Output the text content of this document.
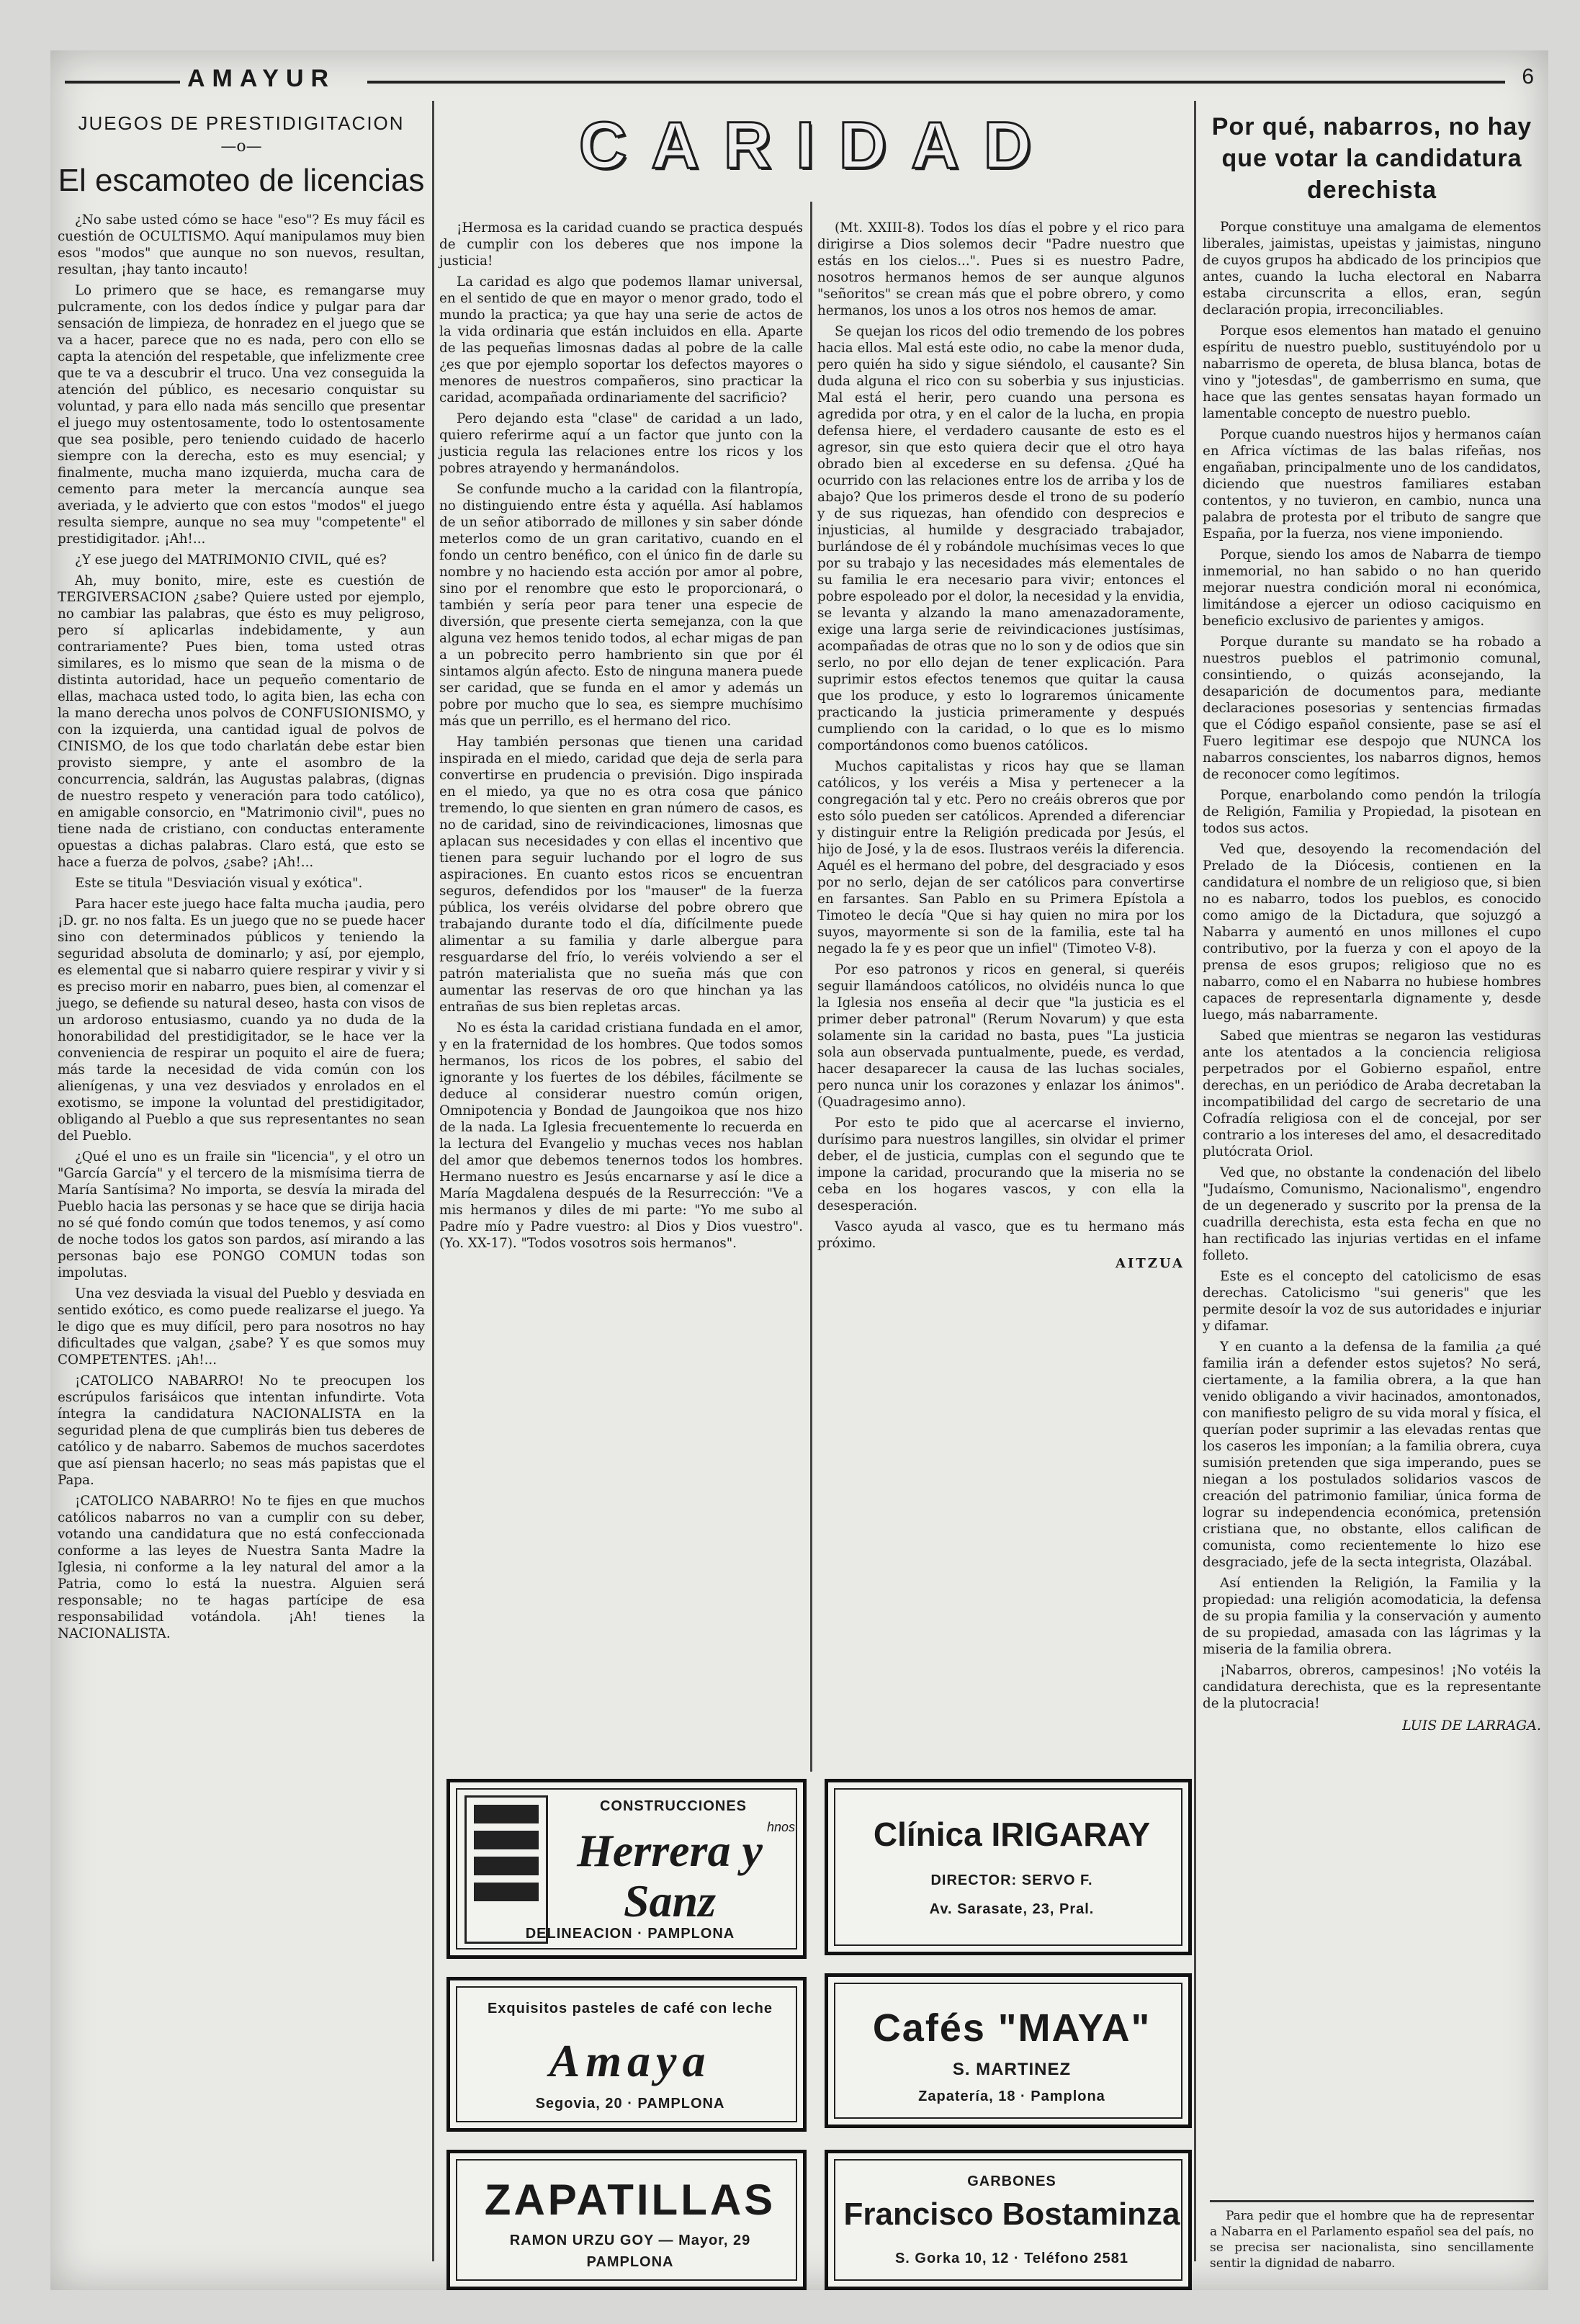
AMAYUR	6
JUEGOS DE PRESTIDIGITACION
—o—
El escamoteo de licencias

¿No sabe usted cómo se hace "eso"? Es muy fácil es cuestión de OCULTISMO. Aquí manipulamos muy bien esos "modos" que aunque no son nuevos, resultan, resultan, ¡hay tanto incauto!

Lo primero que se hace, es remangarse muy pulcramente, con los dedos índice y pulgar para dar sensación de limpieza, de honradez en el juego que se va a hacer, parece que no es nada, pero con ello se capta la atención del respetable, que infelizmente cree que te va a descubrir el truco. Una vez conseguida la atención del público, es necesario conquistar su voluntad, y para ello nada más sencillo que presentar el juego muy ostentosamente, todo lo ostentosamente que sea posible, pero teniendo cuidado de hacerlo siempre con la derecha, esto es muy esencial; y finalmente, mucha mano izquierda, mucha cara de cemento para meter la mercancía aunque sea averiada, y le advierto que con estos "modos" el juego resulta siempre, aunque no sea muy "competente" el prestidigitador. ¡Ah!...

¿Y ese juego del MATRIMONIO CIVIL, qué es?

Ah, muy bonito, mire, este es cuestión de TERGIVERSACION ¿sabe? Quiere usted por ejemplo, no cambiar las palabras, que ésto es muy peligroso, pero sí aplicarlas indebidamente, y aun contrariamente? Pues bien, toma usted otras similares, es lo mismo que sean de la misma o de distinta autoridad, hace un pequeño comentario de ellas, machaca usted todo, lo agita bien, las echa con la mano derecha unos polvos de CONFUSIONISMO, y con la izquierda, una cantidad igual de polvos de CINISMO, de los que todo charlatán debe estar bien provisto siempre, y ante el asombro de la concurrencia, saldrán, las Augustas palabras, (dignas de nuestro respeto y veneración para todo católico), en amigable consorcio, en "Matrimonio civil", pues no tiene nada de cristiano, con conductas enteramente opuestas a dichas palabras. Claro está, que esto se hace a fuerza de polvos, ¿sabe? ¡Ah!...

Este se titula "Desviación visual y exótica".

Para hacer este juego hace falta mucha ¡audia, pero ¡D. gr. no nos falta. Es un juego que no se puede hacer sino con determinados públicos y teniendo la seguridad absoluta de dominarlo; y así, por ejemplo, es elemental que si nabarro quiere respirar y vivir y si es preciso morir en nabarro, pues bien, al comenzar el juego, se defiende su natural deseo, hasta con visos de un ardoroso entusiasmo, cuando ya no duda de la honorabilidad del prestidigitador, se le hace ver la conveniencia de respirar un poquito el aire de fuera; más tarde la necesidad de vida común con los alienígenas, y una vez desviados y enrolados en el exotismo, se impone la voluntad del prestidigitador, obligando al Pueblo a que sus representantes no sean del Pueblo.

¿Qué el uno es un fraile sin "licencia", y el otro un "García García" y el tercero de la mismísima tierra de María Santísima? No importa, se desvía la mirada del Pueblo hacia las personas y se hace que se dirija hacia no sé qué fondo común que todos tenemos, y así como de noche todos los gatos son pardos, así mirando a las personas bajo ese PONGO COMUN todas son impolutas.

Una vez desviada la visual del Pueblo y desviada en sentido exótico, es como puede realizarse el juego. Ya le digo que es muy difícil, pero para nosotros no hay dificultades que valgan, ¿sabe? Y es que somos muy COMPETENTES. ¡Ah!...

¡CATOLICO NABARRO! No te preocupen los escrúpulos farisáicos que intentan infundirte. Vota íntegra la candidatura NACIONALISTA en la seguridad plena de que cumplirás bien tus deberes de católico y de nabarro. Sabemos de muchos sacerdotes que así piensan hacerlo; no seas más papistas que el Papa.

¡CATOLICO NABARRO! No te fijes en que muchos católicos nabarros no van a cumplir con su deber, votando una candidatura que no está confeccionada conforme a las leyes de Nuestra Santa Madre la Iglesia, ni conforme a la ley natural del amor a la Patria, como lo está la nuestra. Alguien será responsable; no te hagas partícipe de esa responsabilidad votándola. ¡Ah! tienes la NACIONALISTA.

CARIDAD

¡Hermosa es la caridad cuando se practica después de cumplir con los deberes que nos impone la justicia!

La caridad es algo que podemos llamar universal, en el sentido de que en mayor o menor grado, todo el mundo la practica; ya que hay una serie de actos de la vida ordinaria que están incluidos en ella. Aparte de las pequeñas limosnas dadas al pobre de la calle ¿es que por ejemplo soportar los defectos mayores o menores de nuestros compañeros, sino practicar la caridad, acompañada ordinariamente del sacrificio?

Pero dejando esta "clase" de caridad a un lado, quiero referirme aquí a un factor que junto con la justicia regula las relaciones entre los ricos y los pobres atrayendo y hermanándolos.

Se confunde mucho a la caridad con la filantropía, no distinguiendo entre ésta y aquélla. Así hablamos de un señor atiborrado de millones y sin saber dónde meterlos como de un gran caritativo, cuando en el fondo un centro benéfico, con el único fin de darle su nombre y no haciendo esta acción por amor al pobre, sino por el renombre que esto le proporcionará, o también y sería peor para tener una especie de diversión, que presente cierta semejanza, con la que alguna vez hemos tenido todos, al echar migas de pan a un pobrecito perro hambriento sin que por él sintamos algún afecto. Esto de ninguna manera puede ser caridad, que se funda en el amor y además un pobre por mucho que lo sea, es siempre muchísimo más que un perrillo, es el hermano del rico.

Hay también personas que tienen una caridad inspirada en el miedo, caridad que deja de serla para convertirse en prudencia o previsión. Digo inspirada en el miedo, ya que no es otra cosa que pánico tremendo, lo que sienten en gran número de casos, es no de caridad, sino de reivindicaciones, limosnas que aplacan sus necesidades y con ellas el incentivo que tienen para seguir luchando por el logro de sus aspiraciones. En cuanto estos ricos se encuentran seguros, defendidos por los "mauser" de la fuerza pública, los veréis olvidarse del pobre obrero que trabajando durante todo el día, difícilmente puede alimentar a su familia y darle albergue para resguardarse del frío, lo veréis volviendo a ser el patrón materialista que no sueña más que con aumentar las reservas de oro que hinchan ya las entrañas de sus bien repletas arcas.

No es ésta la caridad cristiana fundada en el amor, y en la fraternidad de los hombres. Que todos somos hermanos, los ricos de los pobres, el sabio del ignorante y los fuertes de los débiles, fácilmente se deduce al considerar nuestro común origen, Omnipotencia y Bondad de Jaungoikoa que nos hizo de la nada. La Iglesia frecuentemente lo recuerda en la lectura del Evangelio y muchas veces nos hablan del amor que debemos tenernos todos los hombres. Hermano nuestro es Jesús encarnarse y así le dice a María Magdalena después de la Resurrección: "Ve a mis hermanos y diles de mi parte: "Yo me subo al Padre mío y Padre vuestro: al Dios y Dios vuestro". (Yo. XX-17). "Todos vosotros sois hermanos".

(Mt. XXIII-8). Todos los días el pobre y el rico para dirigirse a Dios solemos decir "Padre nuestro que estás en los cielos...". Pues si es nuestro Padre, nosotros hermanos hemos de ser aunque algunos "señoritos" se crean más que el pobre obrero, y como hermanos, los unos a los otros nos hemos de amar.

Se quejan los ricos del odio tremendo de los pobres hacia ellos. Mal está este odio, no cabe la menor duda, pero quién ha sido y sigue siéndolo, el causante? Sin duda alguna el rico con su soberbia y sus injusticias. Mal está el herir, pero cuando una persona es agredida por otra, y en el calor de la lucha, en propia defensa hiere, el verdadero causante de esto es el agresor, sin que esto quiera decir que el otro haya obrado bien al excederse en su defensa. ¿Qué ha ocurrido con las relaciones entre los de arriba y los de abajo? Que los primeros desde el trono de su poderío y de sus riquezas, han ofendido con desprecios e injusticias, al humilde y desgraciado trabajador, burlándose de él y robándole muchísimas veces lo que por su trabajo y las necesidades más elementales de su familia le era necesario para vivir; entonces el pobre espoleado por el dolor, la necesidad y la envidia, se levanta y alzando la mano amenazadoramente, exige una larga serie de reivindicaciones justísimas, acompañadas de otras que no lo son y de odios que sin serlo, no por ello dejan de tener explicación. Para suprimir estos efectos tenemos que quitar la causa que los produce, y esto lo lograremos únicamente practicando la justicia primeramente y después cumpliendo con la caridad, o lo que es lo mismo comportándonos como buenos católicos.

Muchos capitalistas y ricos hay que se llaman católicos, y los veréis a Misa y pertenecer a la congregación tal y etc. Pero no creáis obreros que por esto sólo pueden ser católicos. Aprended a diferenciar y distinguir entre la Religión predicada por Jesús, el hijo de José, y la de esos. Ilustraos veréis la diferencia. Aquél es el hermano del pobre, del desgraciado y esos por no serlo, dejan de ser católicos para convertirse en farsantes. San Pablo en su Primera Epístola a Timoteo le decía "Que si hay quien no mira por los suyos, mayormente si son de la familia, este tal ha negado la fe y es peor que un infiel" (Timoteo V-8).

Por eso patronos y ricos en general, si queréis seguir llamándoos católicos, no olvidéis nunca lo que la Iglesia nos enseña al decir que "la justicia es el primer deber patronal" (Rerum Novarum) y que esta solamente sin la caridad no basta, pues "La justicia sola aun observada puntualmente, puede, es verdad, hacer desaparecer la causa de las luchas sociales, pero nunca unir los corazones y enlazar los ánimos". (Quadragesimo anno).

Por esto te pido que al acercarse el invierno, durísimo para nuestros langilles, sin olvidar el primer deber, el de justicia, cumplas con el segundo que te impone la caridad, procurando que la miseria no se ceba en los hogares vascos, y con ella la desesperación.

Vasco ayuda al vasco, que es tu hermano más próximo.

AITZUA
Por qué, nabarros, no hay que votar la candidatura derechista

Porque constituye una amalgama de elementos liberales, jaimistas, upeistas y jaimistas, ninguno de cuyos grupos ha abdicado de los principios que antes, cuando la lucha electoral en Nabarra estaba circunscrita a ellos, eran, según declaración propia, irreconciliables.

Porque esos elementos han matado el genuino espíritu de nuestro pueblo, sustituyéndolo por u nabarrismo de opereta, de blusa blanca, botas de vino y "jotesdas", de gamberrismo en suma, que hace que las gentes sensatas hayan formado un lamentable concepto de nuestro pueblo.

Porque cuando nuestros hijos y hermanos caían en Africa víctimas de las balas rifeñas, nos engañaban, principalmente uno de los candidatos, diciendo que nuestros familiares estaban contentos, y no tuvieron, en cambio, nunca una palabra de protesta por el tributo de sangre que España, por la fuerza, nos viene imponiendo.

Porque, siendo los amos de Nabarra de tiempo inmemorial, no han sabido o no han querido mejorar nuestra condición moral ni económica, limitándose a ejercer un odioso caciquismo en beneficio exclusivo de parientes y amigos.

Porque durante su mandato se ha robado a nuestros pueblos el patrimonio comunal, consintiendo, o quizás aconsejando, la desaparición de documentos para, mediante declaraciones posesorias y sentencias firmadas que el Código español consiente, pase se así el Fuero legitimar ese despojo que NUNCA los nabarros conscientes, los nabarros dignos, hemos de reconocer como legítimos.

Porque, enarbolando como pendón la trilogía de Religión, Familia y Propiedad, la pisotean en todos sus actos.

Ved que, desoyendo la recomendación del Prelado de la Diócesis, contienen en la candidatura el nombre de un religioso que, si bien no es nabarro, todos los pueblos, es conocido como amigo de la Dictadura, que sojuzgó a Nabarra y aumentó en unos millones el cupo contributivo, por la fuerza y con el apoyo de la prensa de esos grupos; religioso que no es nabarro, como el en Nabarra no hubiese hombres capaces de representarla dignamente y, desde luego, más nabarramente.

Sabed que mientras se negaron las vestiduras ante los atentados a la conciencia religiosa perpetrados por el Gobierno español, entre derechas, en un periódico de Araba decretaban la incompatibilidad del cargo de secretario de una Cofradía religiosa con el de concejal, por ser contrario a los intereses del amo, el desacreditado plutócrata Oriol.

Ved que, no obstante la condenación del libelo "Judaísmo, Comunismo, Nacionalismo", engendro de un degenerado y suscrito por la prensa de la cuadrilla derechista, esta esta fecha en que no han rectificado las injurias vertidas en el infame folleto.

Este es el concepto del catolicismo de esas derechas. Catolicismo "sui generis" que les permite desoír la voz de sus autoridades e injuriar y difamar.

Y en cuanto a la defensa de la familia ¿a qué familia irán a defender estos sujetos? No será, ciertamente, a la familia obrera, a la que han venido obligando a vivir hacinados, amontonados, con manifiesto peligro de su vida moral y física, el querían poder suprimir a las elevadas rentas que los caseros les imponían; a la familia obrera, cuya sumisión pretenden que siga imperando, pues se niegan a los postulados solidarios vascos de creación del patrimonio familiar, única forma de lograr su independencia económica, pretensión cristiana que, no obstante, ellos califican de comunista, como recientemente lo hizo ese desgraciado, jefe de la secta integrista, Olazábal.

Así entienden la Religión, la Familia y la propiedad: una religión acomodaticia, la defensa de su propia familia y la conservación y aumento de su propiedad, amasada con las lágrimas y la miseria de la familia obrera.

¡Nabarros, obreros, campesinos! ¡No votéis la candidatura derechista, que es la representante de la plutocracia!

LUIS DE LARRAGA.

Para pedir que el hombre que ha de representar a Nabarra en el Parlamento español sea del país, no se precisa ser nacionalista, sino sencillamente sentir la dignidad de nabarro.

CONSTRUCCIONES
Herrera y Sanz
hnos
DELINEACION · PAMPLONA
Exquisitos pasteles de café con leche
Amaya
Segovia, 20 · PAMPLONA
ZAPATILLAS
RAMON URZU GOY — Mayor, 29
PAMPLONA
Clínica IRIGARAY
DIRECTOR: SERVO F.
Av. Sarasate, 23, Pral.
Cafés "MAYA"
S. MARTINEZ
Zapatería, 18 · Pamplona
GARBONES
Francisco Bostaminza
S. Gorka 10, 12 · Teléfono 2581
